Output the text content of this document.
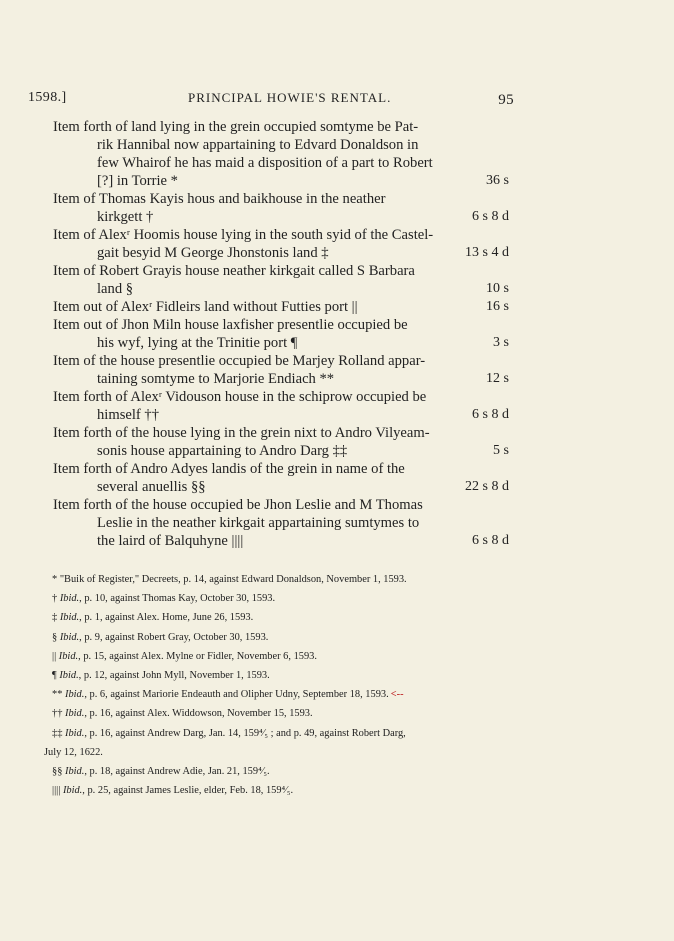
1598.]	PRINCIPAL HOWIE'S RENTAL.	95
Item forth of land lying in the grein occupied somtyme be Pat-
rik Hannibal now appartaining to Edvard Donaldson in
few Whairof he has maid a disposition of a part to Robert
[?] in Torrie *	36 s
Item of Thomas Kayis hous and baikhouse in the neather
kirkgett †	6 s 8 d
Item of Alexʳ Hoomis house lying in the south syid of the Castel-
gait besyid M George Jhonstonis land ‡	13 s 4 d
Item of Robert Grayis house neather kirkgait called S Barbara
land §	10 s
Item out of Alexʳ Fidleirs land without Futties port ||	16 s
Item out of Jhon Miln house laxfisher presentlie occupied be
his wyf, lying at the Trinitie port ¶	3 s
Item of the house presentlie occupied be Marjey Rolland appar-
taining somtyme to Marjorie Endiach **	12 s
Item forth of Alexʳ Vidouson house in the schiprow occupied be
himself ††	6 s 8 d
Item forth of the house lying in the grein nixt to Andro Vilyeam-
sonis house appartaining to Andro Darg ‡‡	5 s
Item forth of Andro Adyes landis of the grein in name of the
several anuellis §§	22 s 8 d
Item forth of the house occupied be Jhon Leslie and M Thomas
Leslie in the neather kirkgait appartaining sumtymes to
the laird of Balquhyne ||||	6 s 8 d
* "Buik of Register," Decreets, p. 14, against Edward Donaldson, November 1, 1593.
† Ibid., p. 10, against Thomas Kay, October 30, 1593.
‡ Ibid., p. 1, against Alex. Home, June 26, 1593.
§ Ibid., p. 9, against Robert Gray, October 30, 1593.
|| Ibid., p. 15, against Alex. Mylne or Fidler, November 6, 1593.
¶ Ibid., p. 12, against John Myll, November 1, 1593.
** Ibid., p. 6, against Mariorie Endeauth and Olipher Udny, September 18, 1593. <--
†† Ibid., p. 16, against Alex. Widdowson, November 15, 1593.
‡‡ Ibid., p. 16, against Andrew Darg, Jan. 14, 159⁴⁄₅ ; and p. 49, against Robert Darg,
July 12, 1622.
§§ Ibid., p. 18, against Andrew Adie, Jan. 21, 159⁴⁄₅.
|||| Ibid., p. 25, against James Leslie, elder, Feb. 18, 159⁴⁄₅.
